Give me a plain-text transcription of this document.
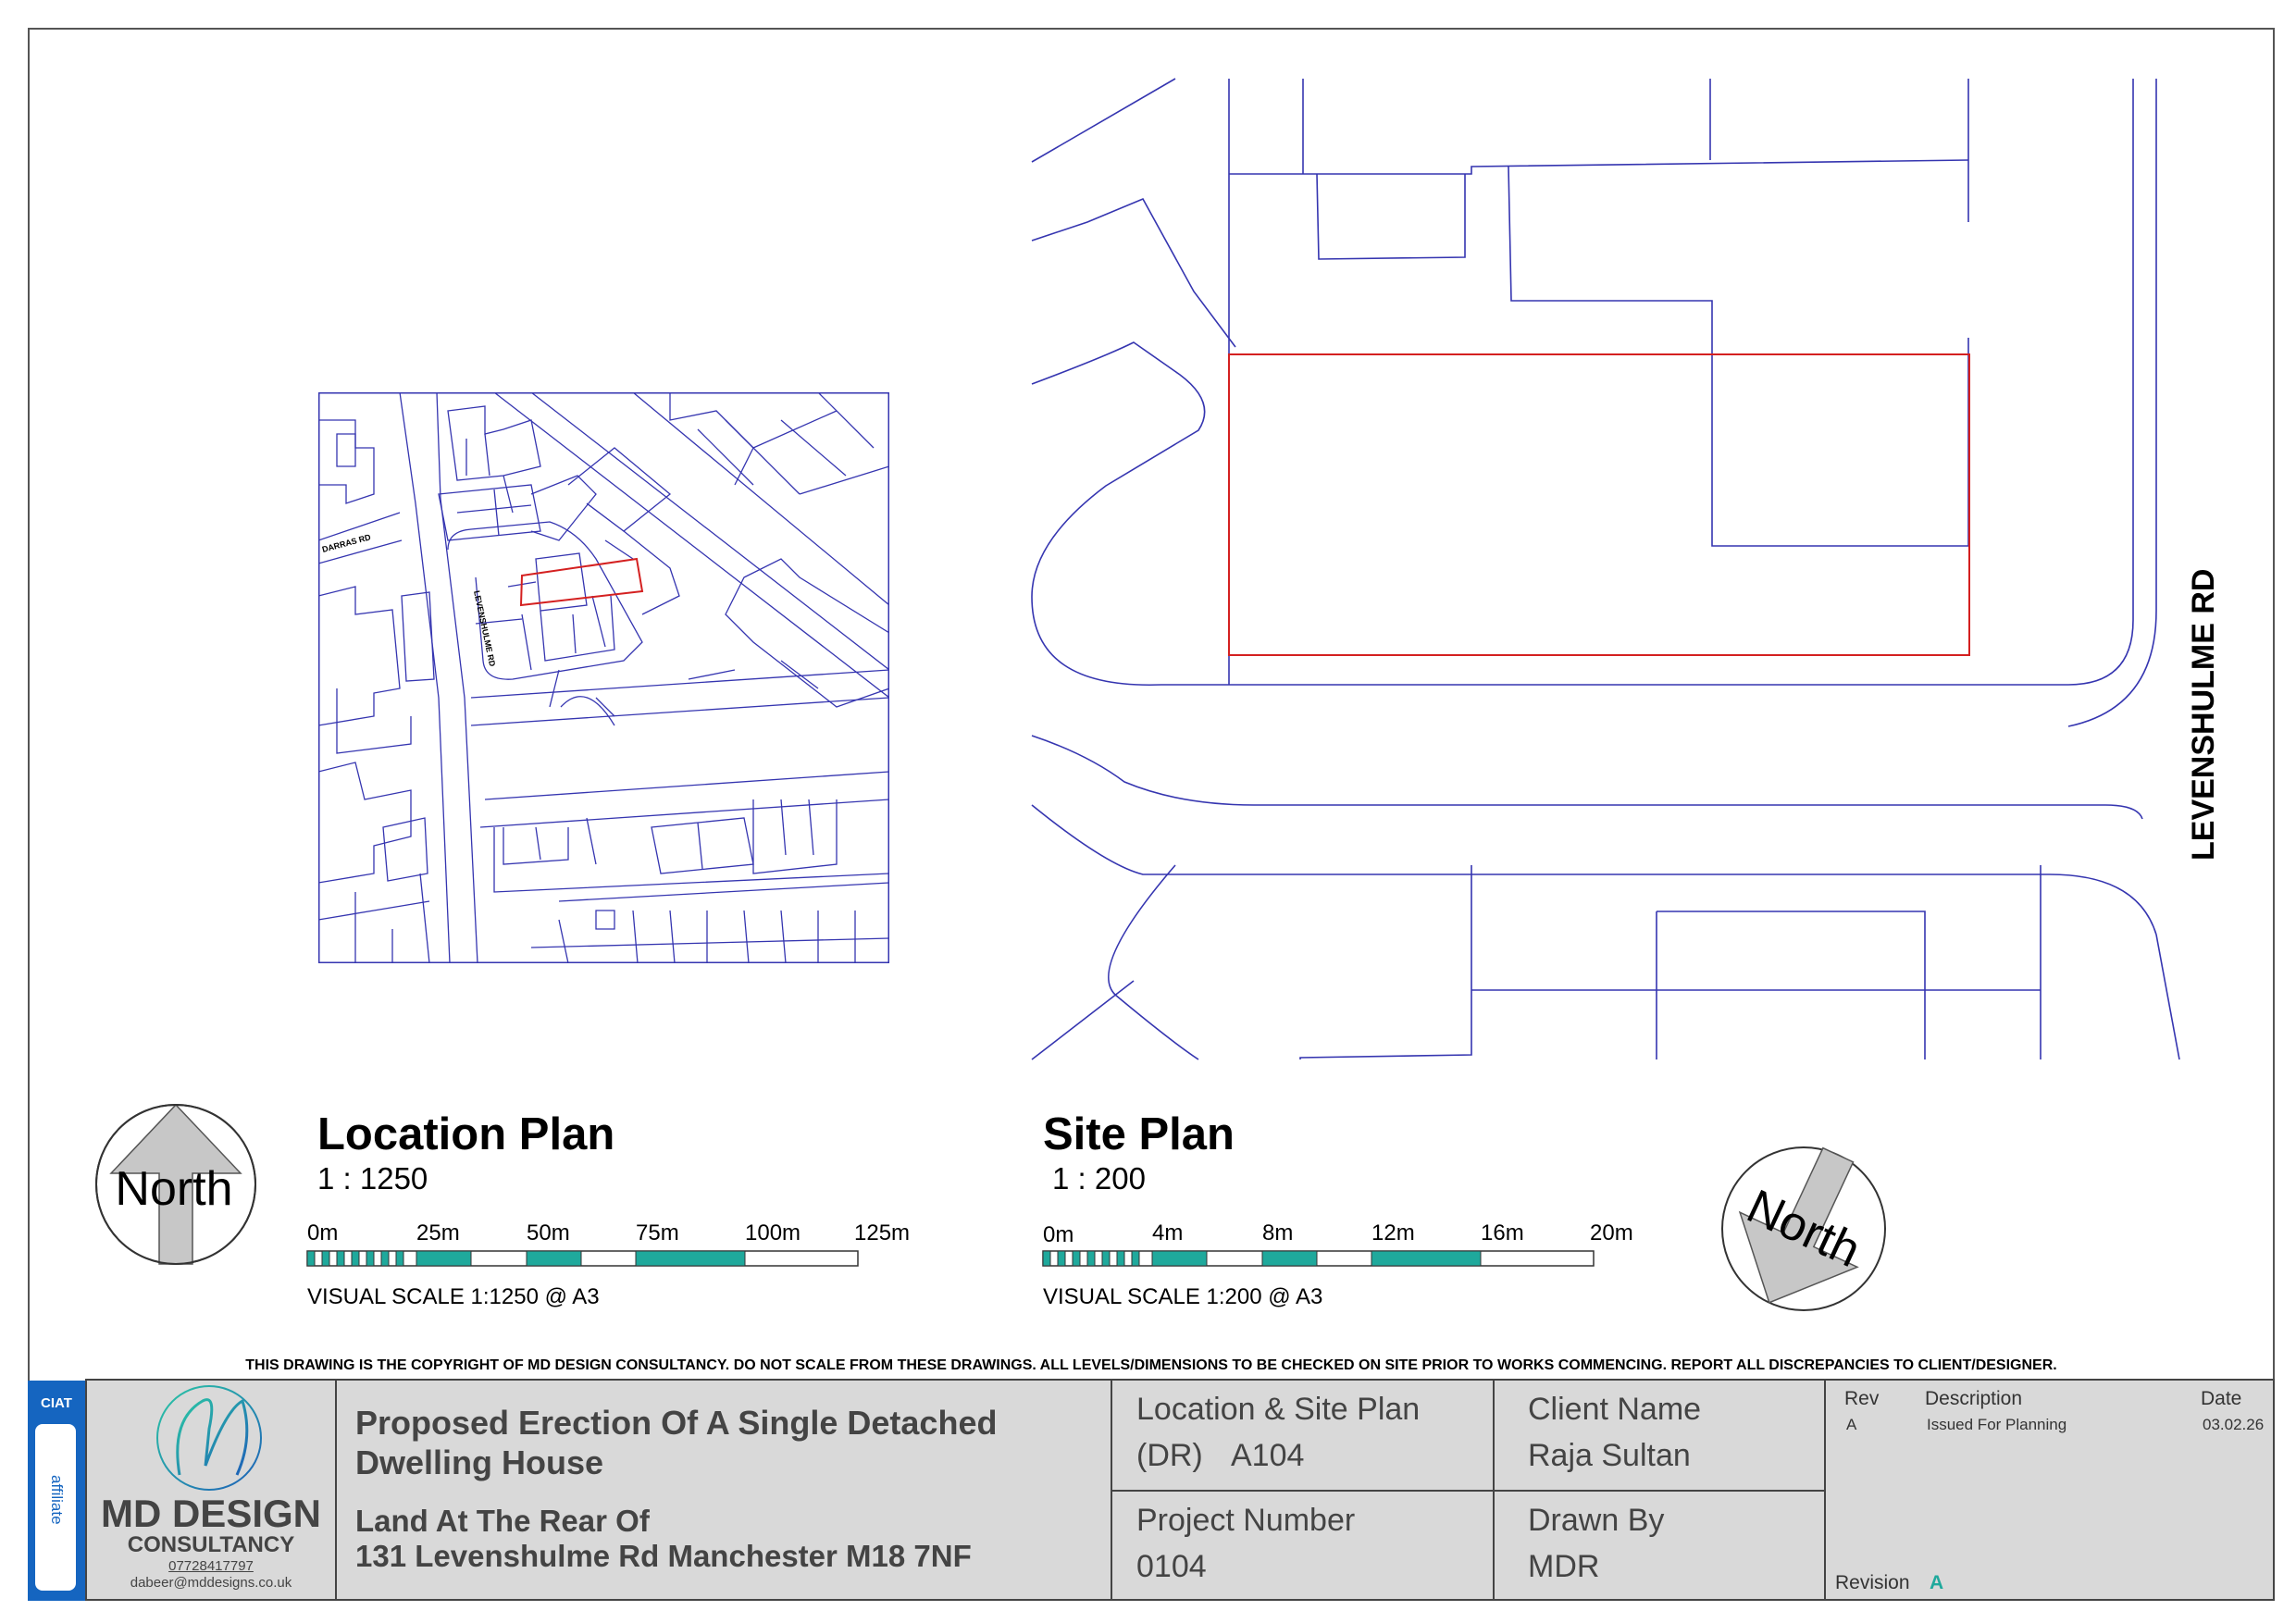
DARRAS RD
LEVENSHULME RD	LEVENSHULME RD
North	North
Location Plan
1 : 1250
Site Plan
1 : 200
0m	25m	50m	75m	100m 125m
VISUAL SCALE 1:1250 @ A3
0m	4m	8m	12m	16m	20m
VISUAL SCALE 1:200 @ A3
THIS DRAWING IS THE COPYRIGHT OF MD DESIGN CONSULTANCY. DO NOT SCALE FROM THESE DRAWINGS. ALL LEVELS/DIMENSIONS TO BE CHECKED ON SITE PRIOR TO WORKS COMMENCING. REPORT ALL DISCREPANCIES TO CLIENT/DESIGNER.
CIAT
affiliate MD DESIGN
CONSULTANCY
07728417797
dabeer@mddesigns.co.uk
Proposed Erection Of A Single Detached
Dwelling House
Land At The Rear Of
131 Levenshulme Rd Manchester M18 7NF
Location & Site Plan
(DR) A104
Client Name
Raja Sultan
Project Number
0104
Drawn By
MDR
Rev Description	Date
A	Issued For Planning	03.02.26
Revision A
